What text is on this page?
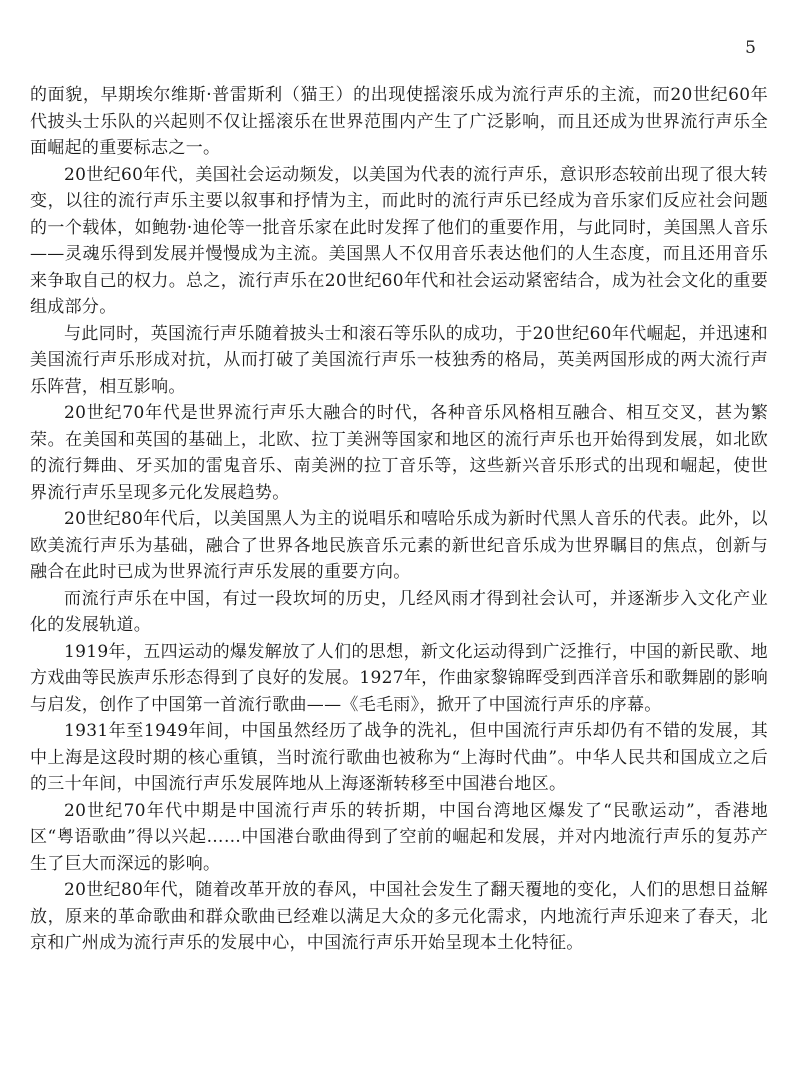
5

的面貌，早期埃尔维斯·普雷斯利（猫王）的出现使摇滚乐成为流行声乐的主流，而20世纪60年代披头士乐队的兴起则不仅让摇滚乐在世界范围内产生了广泛影响，而且还成为世界流行声乐全面崛起的重要标志之一。

20世纪60年代，美国社会运动频发，以美国为代表的流行声乐，意识形态较前出现了很大转变，以往的流行声乐主要以叙事和抒情为主，而此时的流行声乐已经成为音乐家们反应社会问题的一个载体，如鲍勃·迪伦等一批音乐家在此时发挥了他们的重要作用，与此同时，美国黑人音乐——灵魂乐得到发展并慢慢成为主流。美国黑人不仅用音乐表达他们的人生态度，而且还用音乐来争取自己的权力。总之，流行声乐在20世纪60年代和社会运动紧密结合，成为社会文化的重要组成部分。

与此同时，英国流行声乐随着披头士和滚石等乐队的成功，于20世纪60年代崛起，并迅速和美国流行声乐形成对抗，从而打破了美国流行声乐一枝独秀的格局，英美两国形成的两大流行声乐阵营，相互影响。

20世纪70年代是世界流行声乐大融合的时代，各种音乐风格相互融合、相互交叉，甚为繁荣。在美国和英国的基础上，北欧、拉丁美洲等国家和地区的流行声乐也开始得到发展，如北欧的流行舞曲、牙买加的雷鬼音乐、南美洲的拉丁音乐等，这些新兴音乐形式的出现和崛起，使世界流行声乐呈现多元化发展趋势。

20世纪80年代后，以美国黑人为主的说唱乐和嘻哈乐成为新时代黑人音乐的代表。此外，以欧美流行声乐为基础，融合了世界各地民族音乐元素的新世纪音乐成为世界瞩目的焦点，创新与融合在此时已成为世界流行声乐发展的重要方向。

而流行声乐在中国，有过一段坎坷的历史，几经风雨才得到社会认可，并逐渐步入文化产业化的发展轨道。

1919年，五四运动的爆发解放了人们的思想，新文化运动得到广泛推行，中国的新民歌、地方戏曲等民族声乐形态得到了良好的发展。1927年，作曲家黎锦晖受到西洋音乐和歌舞剧的影响与启发，创作了中国第一首流行歌曲——《毛毛雨》，掀开了中国流行声乐的序幕。

1931年至1949年间，中国虽然经历了战争的洗礼，但中国流行声乐却仍有不错的发展，其中上海是这段时期的核心重镇，当时流行歌曲也被称为“上海时代曲”。中华人民共和国成立之后的三十年间，中国流行声乐发展阵地从上海逐渐转移至中国港台地区。

20世纪70年代中期是中国流行声乐的转折期，中国台湾地区爆发了“民歌运动”，香港地区“粤语歌曲”得以兴起……中国港台歌曲得到了空前的崛起和发展，并对内地流行声乐的复苏产生了巨大而深远的影响。

20世纪80年代，随着改革开放的春风，中国社会发生了翻天覆地的变化，人们的思想日益解放，原来的革命歌曲和群众歌曲已经难以满足大众的多元化需求，内地流行声乐迎来了春天，北京和广州成为流行声乐的发展中心，中国流行声乐开始呈现本土化特征。
